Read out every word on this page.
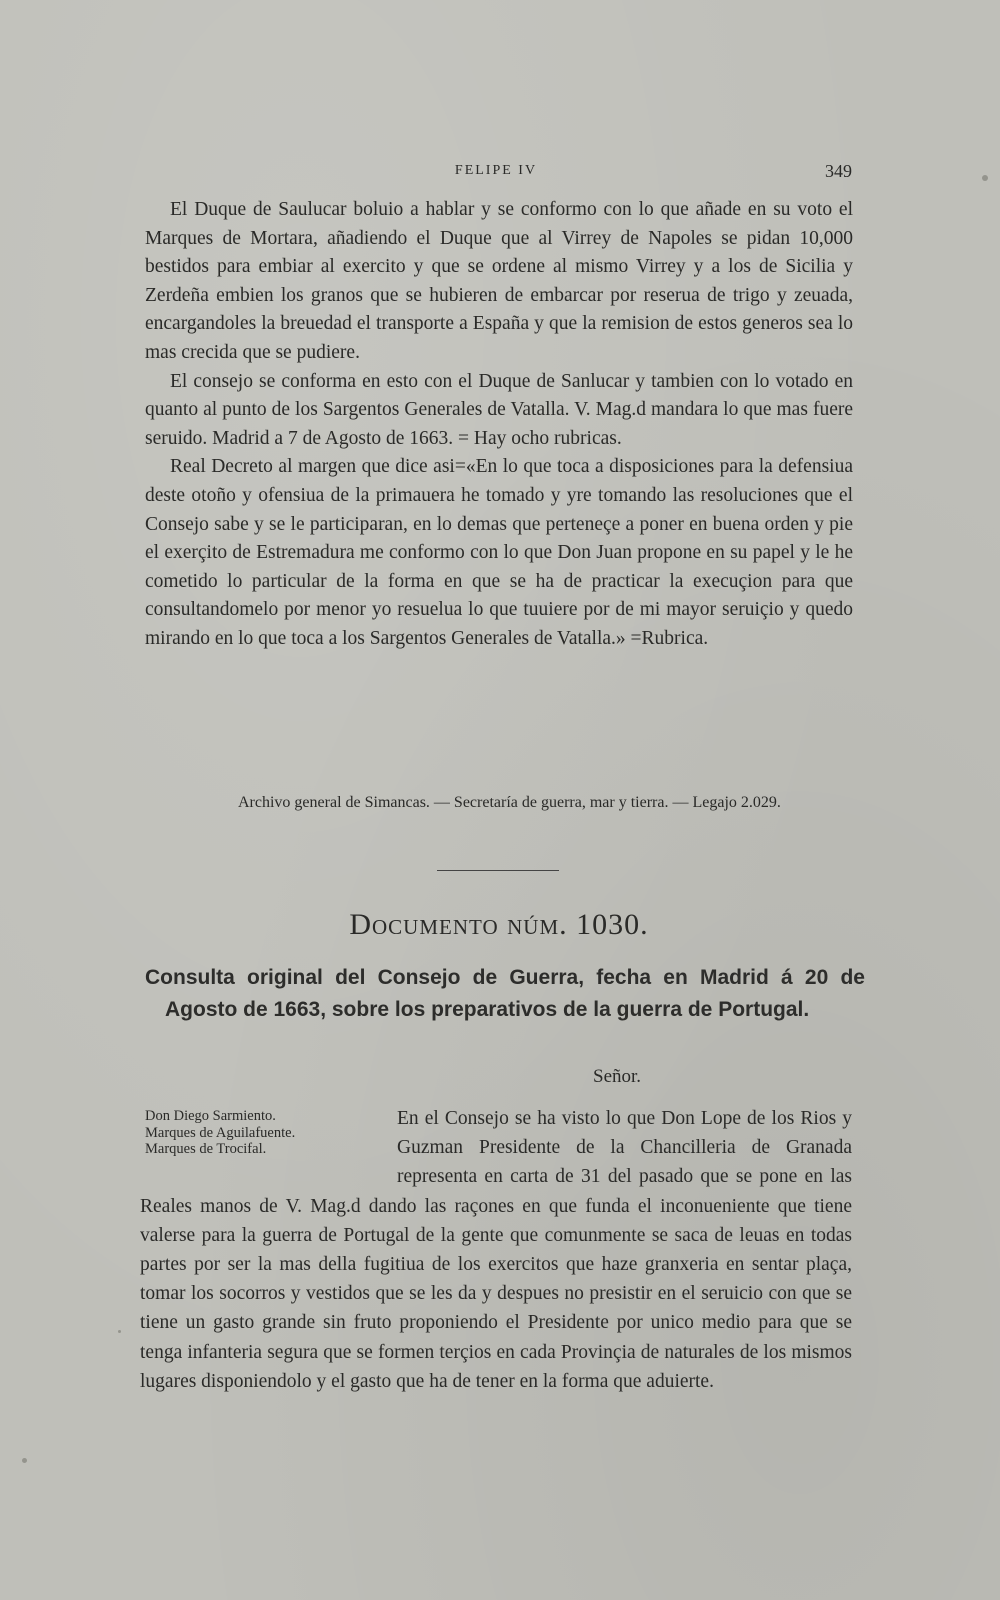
FELIPE IV	349

El Duque de Saulucar boluio a hablar y se conformo con lo que añade en su voto el Marques de Mortara, añadiendo el Duque que al Virrey de Napoles se pidan 10,000 bestidos para embiar al exercito y que se ordene al mismo Virrey y a los de Sicilia y Zerdeña embien los granos que se hubieren de embarcar por reserua de trigo y zeuada, encargandoles la breuedad el transporte a España y que la remision de estos generos sea lo mas crecida que se pudiere.

El consejo se conforma en esto con el Duque de Sanlucar y tambien con lo votado en quanto al punto de los Sargentos Generales de Vatalla. V. Mag.d mandara lo que mas fuere seruido. Madrid a 7 de Agosto de 1663. = Hay ocho rubricas.

Real Decreto al margen que dice asi=«En lo que toca a disposiciones para la defensiua deste otoño y ofensiua de la primauera he tomado y yre tomando las resoluciones que el Consejo sabe y se le participaran, en lo demas que perteneçe a poner en buena orden y pie el exerçito de Estremadura me conformo con lo que Don Juan propone en su papel y le he cometido lo particular de la forma en que se ha de practicar la execuçion para que consultandomelo por menor yo resuelua lo que tuuiere por de mi mayor seruiçio y quedo mirando en lo que toca a los Sargentos Generales de Vatalla.» =Rubrica.

Archivo general de Simancas. — Secretaría de guerra, mar y tierra. — Legajo 2.029.
Documento núm. 1030.
Consulta original del Consejo de Guerra, fecha en Madrid á 20 de Agosto de 1663, sobre los preparativos de la guerra de Portugal.
Señor.
Don Diego Sarmiento.
Marques de Aguilafuente.
Marques de Trocifal.
En el Consejo se ha visto lo que Don Lope de los Rios y Guzman Presidente de la Chancilleria de Granada representa en carta de 31 del pasado que se pone en las Reales manos de V. Mag.d dando las raçones en que funda el inconueniente que tiene valerse para la guerra de Portugal de la gente que comunmente se saca de leuas en todas partes por ser la mas della fugitiua de los exercitos que haze granxeria en sentar plaça, tomar los socorros y vestidos que se les da y despues no presistir en el seruicio con que se tiene un gasto grande sin fruto proponiendo el Presidente por unico medio para que se tenga infanteria segura que se formen terçios en cada Provinçia de naturales de los mismos lugares disponiendolo y el gasto que ha de tener en la forma que aduierte.
